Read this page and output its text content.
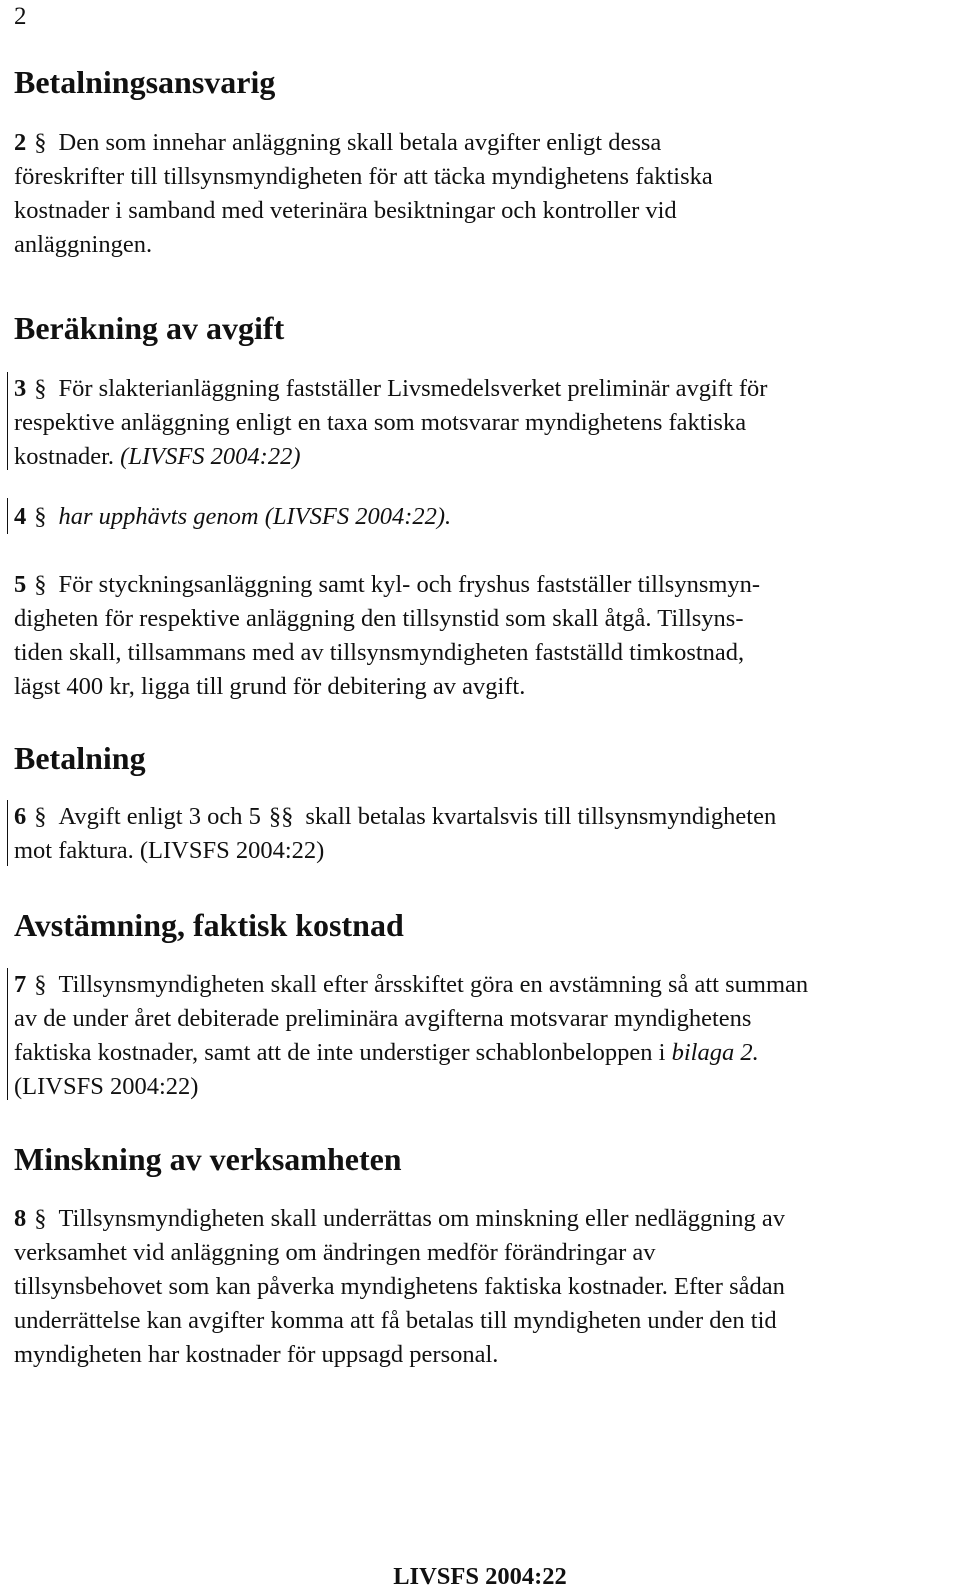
2
Betalningsansvarig
2 § Den som innehar anläggning skall betala avgifter enligt dessa
föreskrifter till tillsynsmyndigheten för att täcka myndighetens faktiska
kostnader i samband med veterinära besiktningar och kontroller vid
anläggningen.
Beräkning av avgift
3 § För slakterianläggning fastställer Livsmedelsverket preliminär avgift för
respektive anläggning enligt en taxa som motsvarar myndighetens faktiska
kostnader. (LIVSFS 2004:22)
4 § har upphävts genom (LIVSFS 2004:22).
5 § För styckningsanläggning samt kyl- och fryshus fastställer tillsynsmyn-
digheten för respektive anläggning den tillsynstid som skall åtgå. Tillsyns-
tiden skall, tillsammans med av tillsynsmyndigheten fastställd timkostnad,
lägst 400 kr, ligga till grund för debitering av avgift.
Betalning
6 § Avgift enligt 3 och 5 §§ skall betalas kvartalsvis till tillsynsmyndigheten
mot faktura. (LIVSFS 2004:22)
Avstämning, faktisk kostnad
7 § Tillsynsmyndigheten skall efter årsskiftet göra en avstämning så att summan
av de under året debiterade preliminära avgifterna motsvarar myndighetens
faktiska kostnader, samt att de inte understiger schablonbeloppen i bilaga 2.
(LIVSFS 2004:22)
Minskning av verksamheten
8 § Tillsynsmyndigheten skall underrättas om minskning eller nedläggning av
verksamhet vid anläggning om ändringen medför förändringar av
tillsynsbehovet som kan påverka myndighetens faktiska kostnader. Efter sådan
underrättelse kan avgifter komma att få betalas till myndigheten under den tid
myndigheten har kostnader för uppsagd personal.
LIVSFS 2004:22
